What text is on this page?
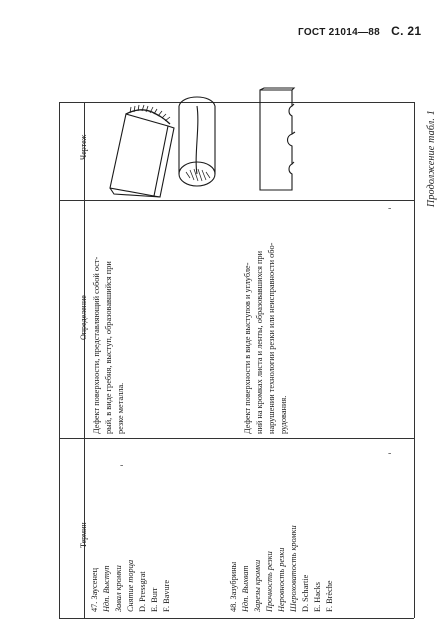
ГОСТ 21014—88 С. 21
Продолжение табл. 1
Чертеж
Определение
Термин
-
-
-
47. Заусенец Ндп. Выступ Завал кромки Снятие торца D. Pressgrat E. Burr F. Bavure
Дефект поверхности, представляющий собой ост- рый, в виде гребня, выступ, образовавшийся при резке металла.
48. Зазубрины Ндп. Выхват Зарезы кромки Прочность резки Неровность резки Шероховатость кромки D. Schartie E. Hacks F. Brèche
Дефект поверхности в виде выступов и углубле- ний на кромках листа и ленты, образовавшихся при нарушении технологии резки или неисправности обо- рудования.
